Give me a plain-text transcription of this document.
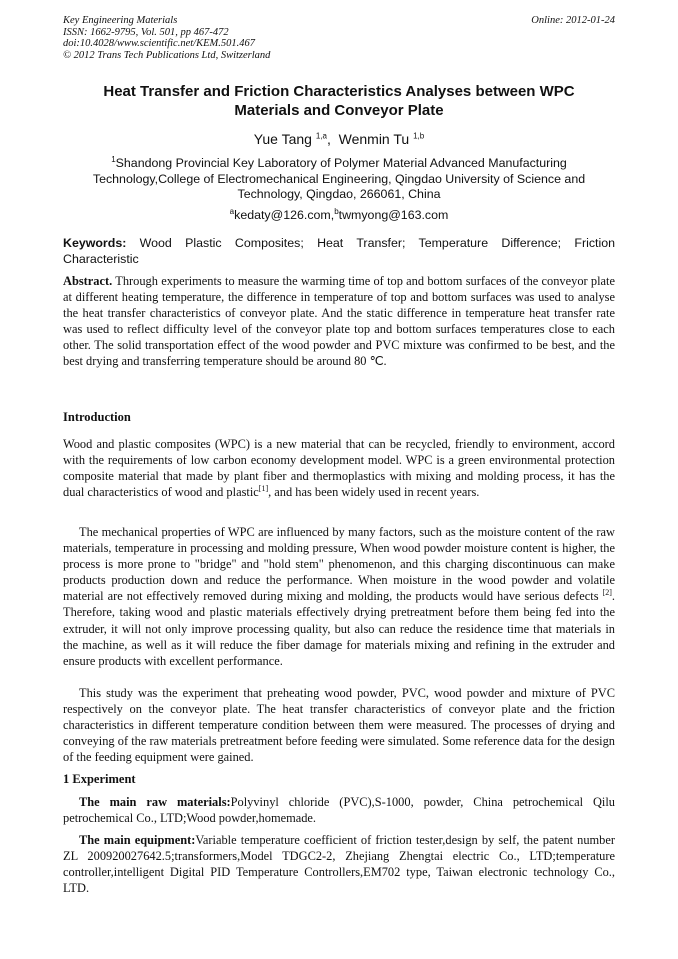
Key Engineering Materials
ISSN: 1662-9795, Vol. 501, pp 467-472
doi:10.4028/www.scientific.net/KEM.501.467
© 2012 Trans Tech Publications Ltd, Switzerland
Online: 2012-01-24
Heat Transfer and Friction Characteristics Analyses between WPC
Materials and Conveyor Plate
Yue Tang $^{1,a}$,  Wenmin Tu $^{1,b}$
$^1$Shandong Provincial Key Laboratory of Polymer Material Advanced Manufacturing Technology,College of Electromechanical Engineering, Qingdao University of Science and Technology, Qingdao, 266061, China
$^a$kedaty@126.com,$^b$twmyong@163.com
Keywords: Wood Plastic Composites; Heat Transfer; Temperature Difference; Friction Characteristic
Abstract. Through experiments to measure the warming time of top and bottom surfaces of the conveyor plate at different heating temperature, the difference in temperature of top and bottom surfaces was used to analyse the heat transfer characteristics of conveyor plate. And the static difference in temperature heat transfer rate was used to reflect difficulty level of the conveyor plate top and bottom surfaces temperatures close to each other. The solid transportation effect of the wood powder and PVC mixture was confirmed to be best, and the best drying and transferring temperature should be around 80 ℃.
Introduction
Wood and plastic composites (WPC) is a new material that can be recycled, friendly to environment, accord with the requirements of low carbon economy development model. WPC is a green environmental protection composite material that made by plant fiber and thermoplastics with mixing and molding process, it has the dual characteristics of wood and plastic[1], and has been widely used in recent years.
The mechanical properties of WPC are influenced by many factors, such as the moisture content of the raw materials, temperature in processing and molding pressure, When wood powder moisture content is higher, the process is more prone to "bridge" and "hold stem" phenomenon, and this charging discontinuous can make products production down and reduce the performance. When moisture in the wood powder and volatile material are not effectively removed during mixing and molding, the products would have serious defects [2]. Therefore, taking wood and plastic materials effectively drying pretreatment before them being fed into the extruder, it will not only improve processing quality, but also can reduce the residence time that materials in the machine, as well as it will reduce the fiber damage for materials mixing and refining in the extruder and ensure products with excellent performance.
This study was the experiment that preheating wood powder, PVC, wood powder and mixture of PVC respectively on the conveyor plate. The heat transfer characteristics of conveyor plate and the friction characteristics in different temperature condition between them were measured. The processes of drying and conveying of the raw materials pretreatment before feeding were simulated. Some reference data for the design of the feeding equipment were gained.
1 Experiment
The main raw materials:Polyvinyl chloride (PVC),S-1000, powder, China petrochemical Qilu petrochemical Co., LTD;Wood powder,homemade.
The main equipment:Variable temperature coefficient of friction tester,design by self, the patent number ZL 200920027642.5;transformers,Model TDGC2-2, Zhejiang Zhengtai electric Co., LTD;temperature controller,intelligent Digital PID Temperature Controllers,EM702 type, Taiwan electronic technology Co., LTD.
